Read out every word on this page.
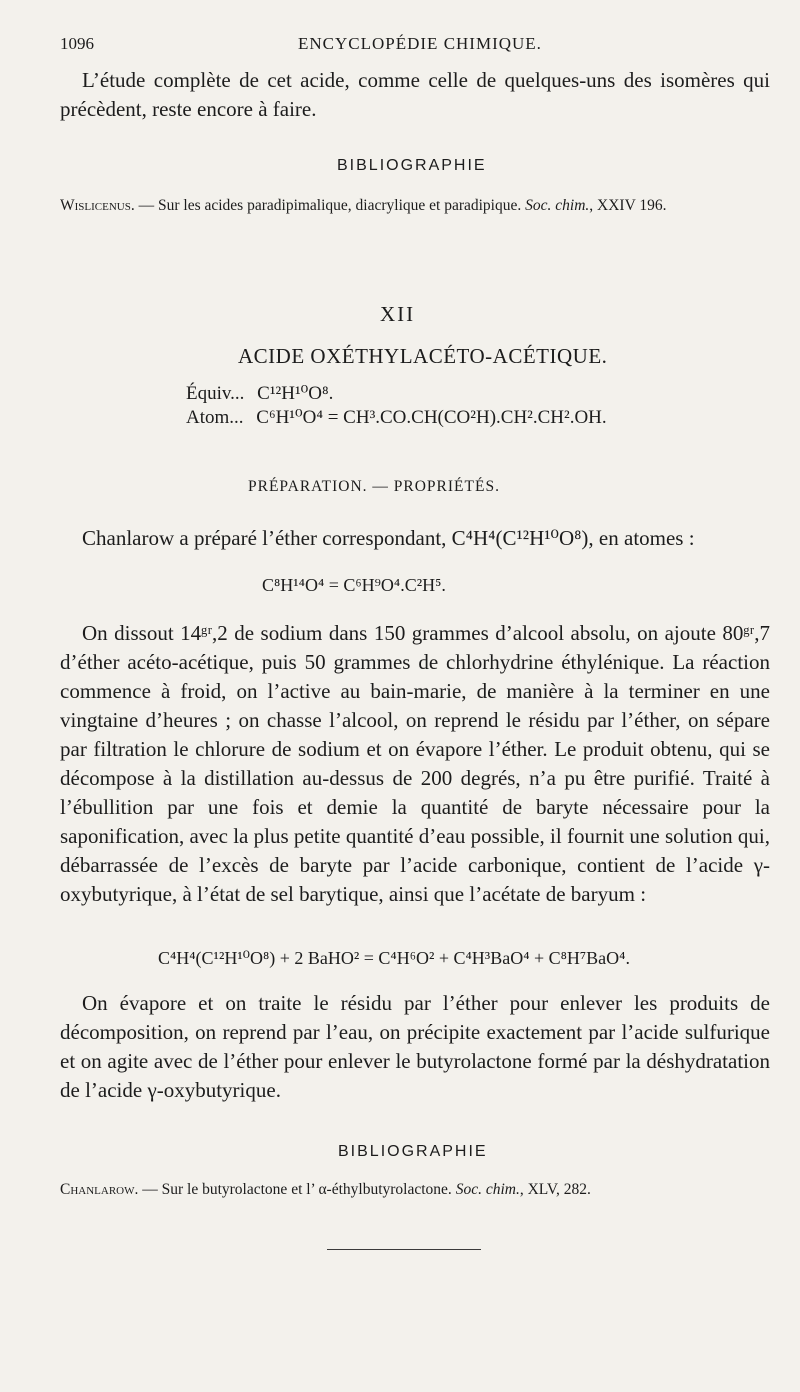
1096	ENCYCLOPÉDIE CHIMIQUE.
L’étude complète de cet acide, comme celle de quelques-uns des isomères qui précèdent, reste encore à faire.
BIBLIOGRAPHIE
Wislicenus. — Sur les acides paradipimalique, diacrylique et paradipique. Soc. chim., XXIV 196.
XII
ACIDE OXÉTHYLACÉTO-ACÉTIQUE.
Équiv... C¹²H¹⁰O⁸.
Atom... C⁶H¹⁰O⁴ = CH³.CO.CH(CO²H).CH².CH².OH.
PRÉPARATION. — PROPRIÉTÉS.
Chanlarow a préparé l’éther correspondant, C⁴H⁴(C¹²H¹⁰O⁸), en atomes :
C⁸H¹⁴O⁴ = C⁶H⁹O⁴.C²H⁵.
On dissout 14ᵍʳ,2 de sodium dans 150 grammes d’alcool absolu, on ajoute 80ᵍʳ,7 d’éther acéto-acétique, puis 50 grammes de chlorhydrine éthylénique. La réaction commence à froid, on l’active au bain-marie, de manière à la terminer en une vingtaine d’heures ; on chasse l’alcool, on reprend le résidu par l’éther, on sépare par filtration le chlorure de sodium et on évapore l’éther. Le produit obtenu, qui se décompose à la distillation au-dessus de 200 degrés, n’a pu être purifié. Traité à l’ébullition par une fois et demie la quantité de baryte nécessaire pour la saponification, avec la plus petite quantité d’eau possible, il fournit une solution qui, débarrassée de l’excès de baryte par l’acide carbonique, contient de l’acide γ-oxybutyrique, à l’état de sel barytique, ainsi que l’acétate de baryum :
C⁴H⁴(C¹²H¹⁰O⁸) + 2 BaHO² = C⁴H⁶O² + C⁴H³BaO⁴ + C⁸H⁷BaO⁴.
On évapore et on traite le résidu par l’éther pour enlever les produits de décomposition, on reprend par l’eau, on précipite exactement par l’acide sulfurique et on agite avec de l’éther pour enlever le butyrolactone formé par la déshydratation de l’acide γ-oxybutyrique.
BIBLIOGRAPHIE
Chanlarow. — Sur le butyrolactone et l’ α-éthylbutyrolactone. Soc. chim., XLV, 282.
